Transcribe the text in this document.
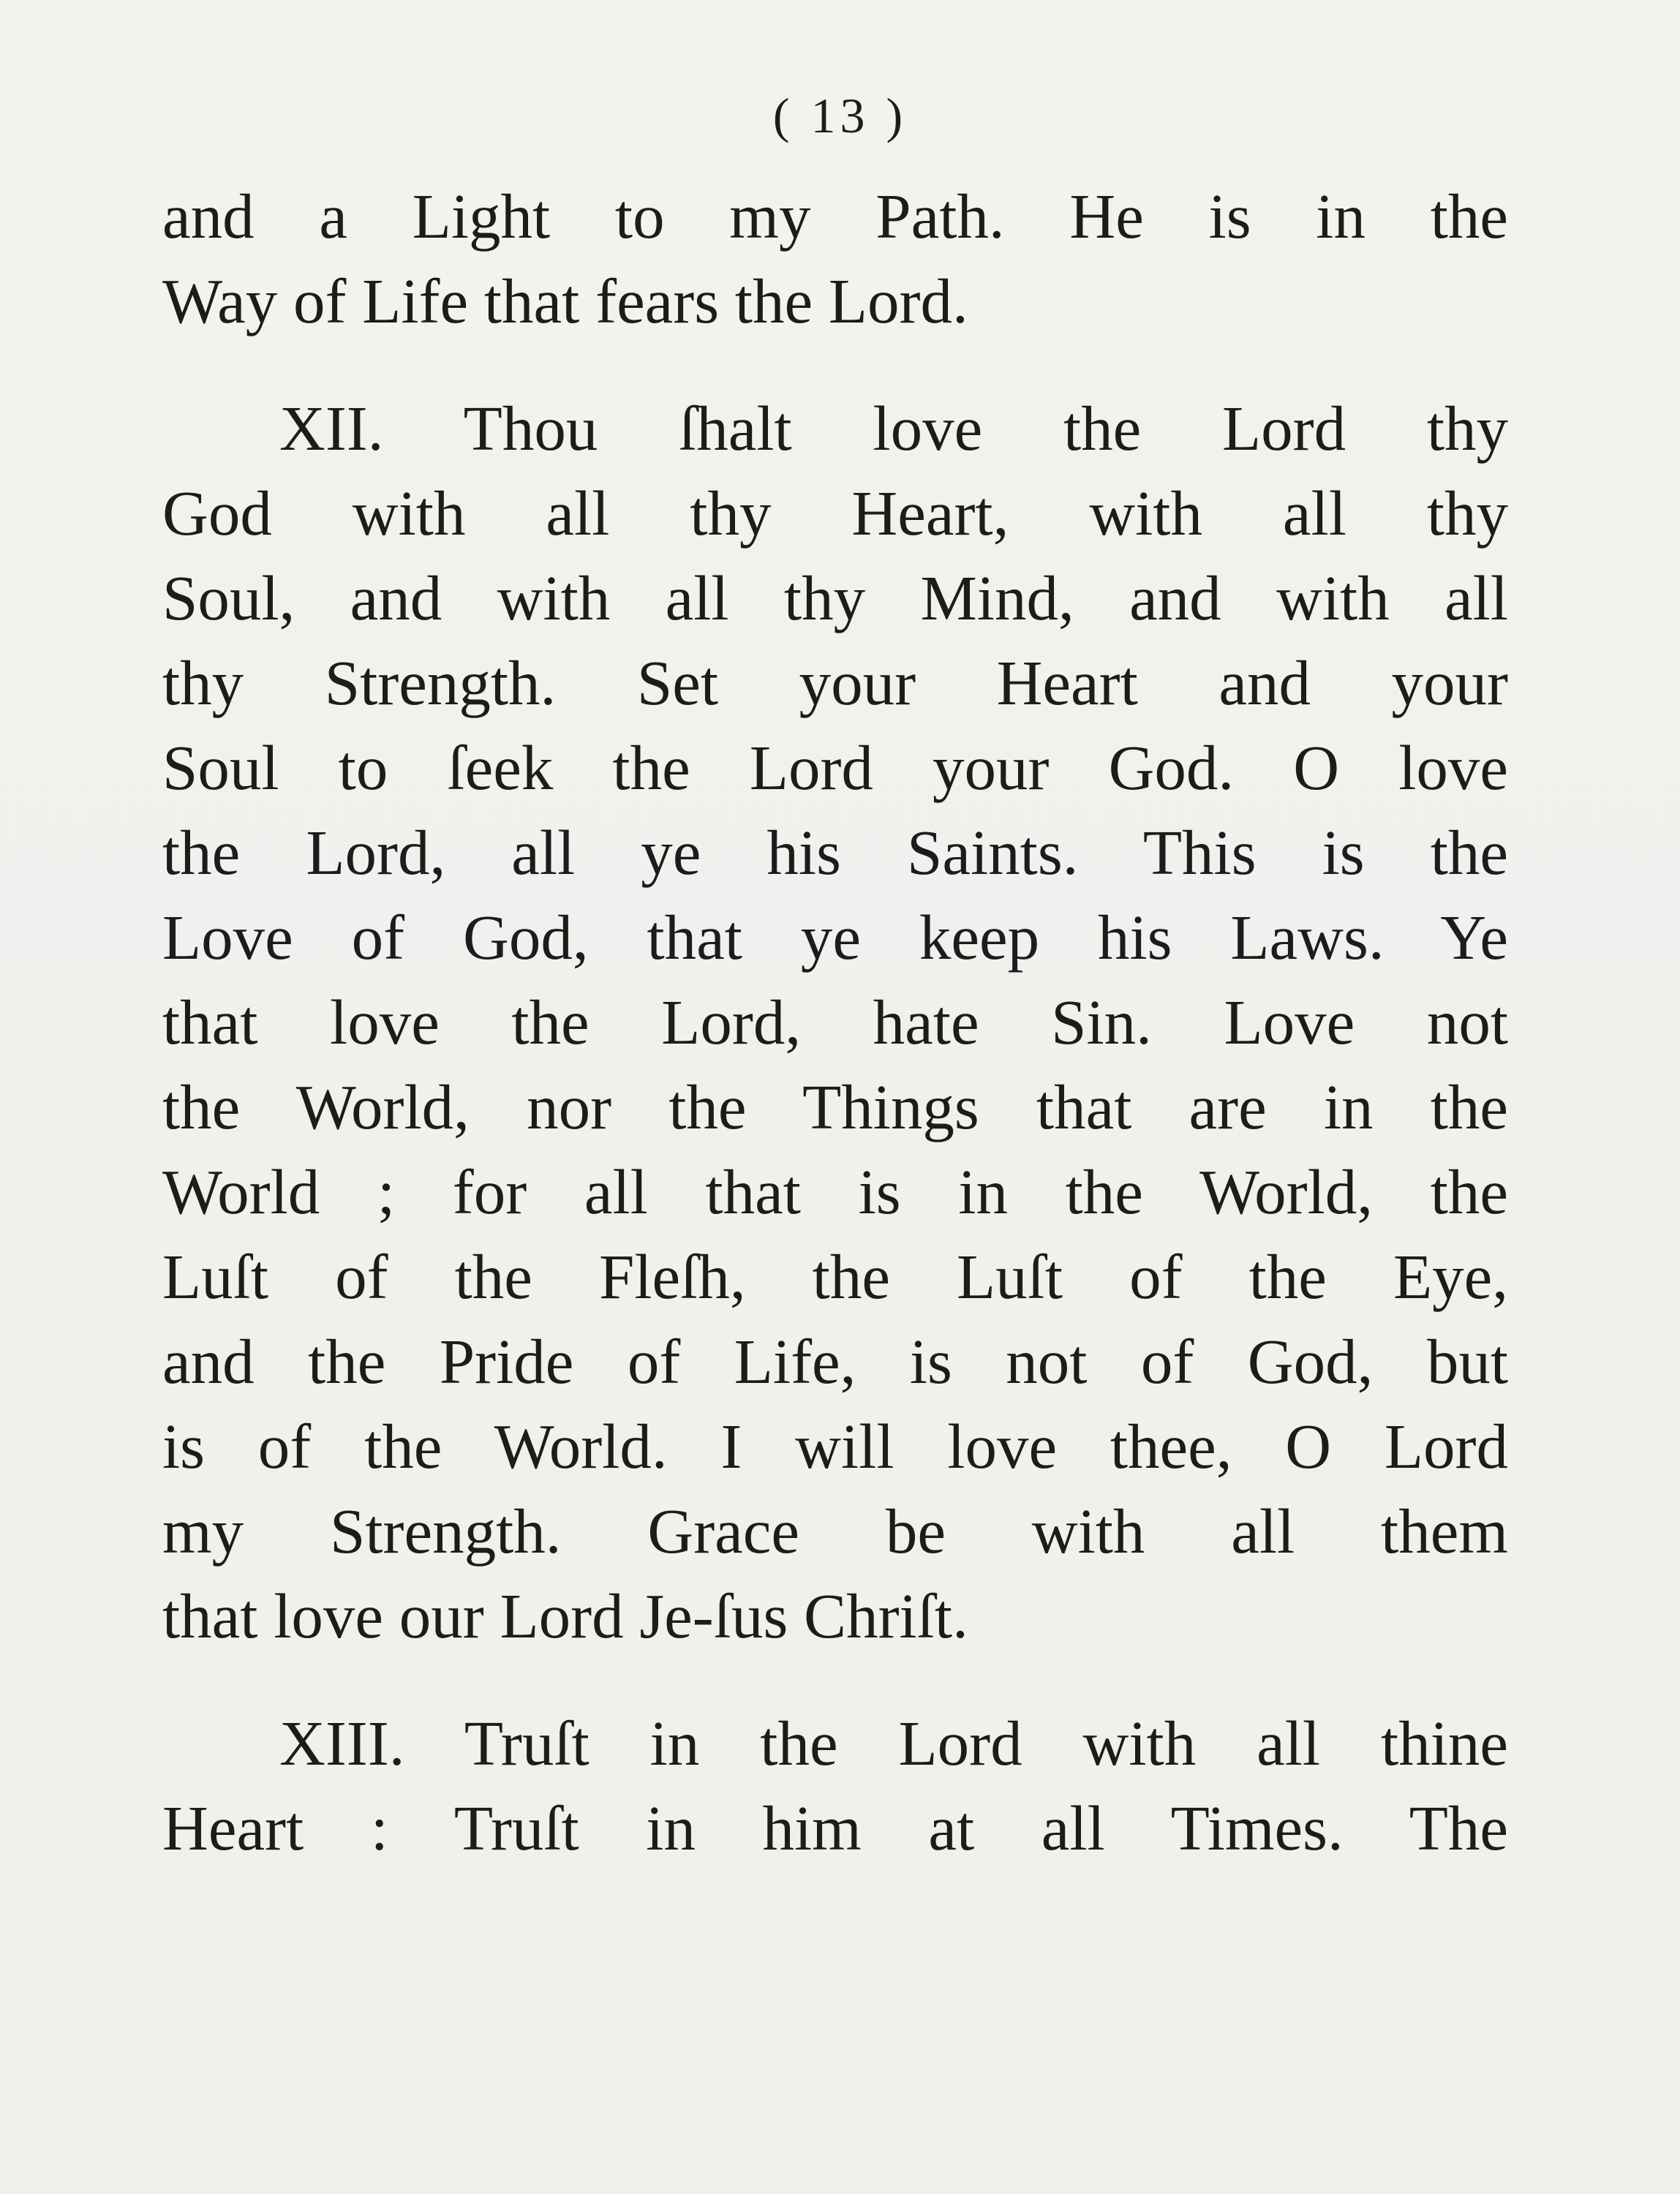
( 13 )
and a Light to my Path. He is in the
Way of Life that fears the Lord.
XII. Thou ſhalt love the Lord thy
God with all thy Heart, with all thy
Soul, and with all thy Mind, and with all
thy Strength. Set your Heart and your
Soul to ſeek the Lord your God. O love
the Lord, all ye his Saints. This is the
Love of God, that ye keep his Laws. Ye
that love the Lord, hate Sin. Love not
the World, nor the Things that are in the
World ; for all that is in the World, the
Luſt of the Fleſh, the Luſt of the Eye,
and the Pride of Life, is not of God, but
is of the World. I will love thee, O Lord
my Strength. Grace be with all them
that love our Lord Je-ſus Chriſt.
XIII. Truſt in the Lord with all thine
Heart : Truſt in him at all Times. The
